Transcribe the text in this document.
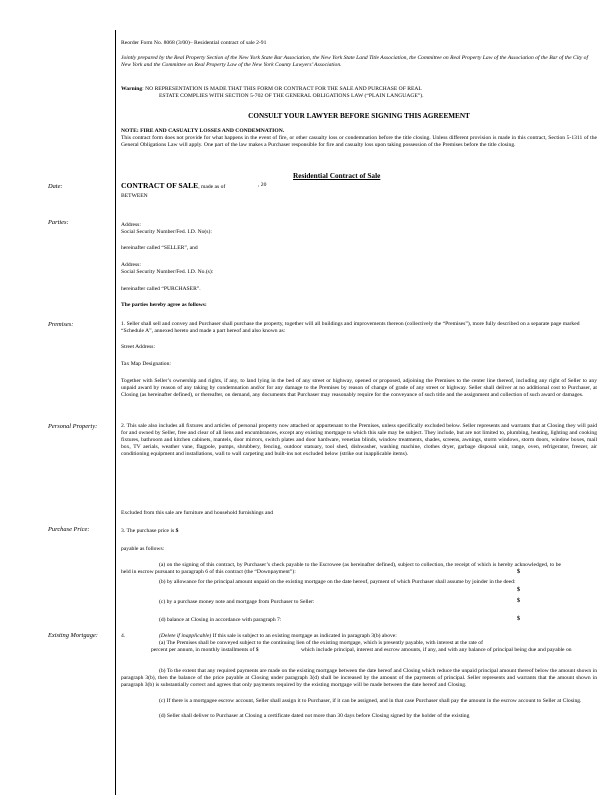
Reorder Form No. 8068 (3/00)– Residential contract of sale 2-91
Jointly prepared by the Real Property Section of the New York State Bar Association, the New York State Land Title Association, the Committee on Real Property Law of the Association of the Bar of the City of New York and the Committee on Real Property Law of the New York County Lawyers’ Association.
Warning: NO REPRESENTATION IS MADE THAT THIS FORM OR CONTRACT FOR THE SALE AND PURCHASE OF REAL
ESTATE COMPLIES WITH SECTION 5-702 OF THE GENERAL OBLIGATIONS LAW (“PLAIN LANGUAGE”).
CONSULT YOUR LAWYER BEFORE SIGNING THIS AGREEMENT
NOTE: FIRE AND CASUALTY LOSSES AND CONDEMNATION.
This contract form does not provide for what happens in the event of fire, or other casualty loss or condemnation before the title closing. Unless different provision is made in this contract, Section 5-1311 of the General Obligations Law will apply. One part of the law makes a Purchaser responsible for fire and casualty loss upon taking possession of the Premises before the title closing.
Residential Contract of Sale
Date:	CONTRACT OF SALE, made as of	, 20
BETWEEN
Parties:	Address:
Social Security Number/Fed. I.D. No(s):
hereinafter called “SELLER”, and
Address:
Social Security Number/Fed. I.D. No.(s):
hereinafter called “PURCHASER”.
The parties hereby agree as follows:
Premises:	1. Seller shall sell and convey and Purchaser shall purchase the property, together will all buildings and improvements thereon (collectively the “Premises”), more fully described on a separate page marked “Schedule A”, annexed hereto and made a part hereof and also known as:
Street Address:
Tax Map Designation:
Together with Seller’s ownership and rights, if any, to land lying in the bed of any street or highway, opened or proposed, adjoining the Premises to the center line thereof, including any right of Seller to any unpaid award by reason of any taking by condemnation and/or for any damage to the Premises by reason of change of grade of any street or highway. Seller shall deliver at no additional cost to Purchaser, at Closing (as hereinafter defined), or thereafter, on demand, any documents that Purchaser may reasonably require for the conveyance of such title and the assignment and collection of such award or damages.
Personal Property:	2. This sale also includes all fixtures and articles of personal property now attached or appurtenant to the Premises, unless specifically excluded below. Seller represents and warrants that at Closing they will paid for and owned by Seller, free and clear of all liens and encumbrances, except any existing mortgage to which this sale may be subject. They include, but are not limited to, plumbing, heating, lighting and cooking fixtures, bathroom and kitchen cabinets, mantels, door mirrors, switch plates and door hardware, venetian blinds, window treatments, shades, screens, awnings, storm windows, storm doors, window boxes, mail box, TV aerials, weather vane, flagpole, pumps, shrubbery, fencing, outdoor statuary, tool shed, dishwasher, washing machine, clothes dryer, garbage disposal unit, range, oven, refrigerator, freezer, air conditioning equipment and installations, wall to wall carpeting and built-ins not excluded below (strike out inapplicable items).
Excluded from this sale are furniture and household furnishings and
Purchase Price:	3. The purchase price is $
payable as follows:
(a) on the signing of this contract, by Purchaser’s check payable to the Escrowee (as hereinafter defined), subject to collection, the receipt of which is hereby acknowledged, to be held in escrow pursuant to paragraph 6 of this contract (the “Downpayment”):	$
(b) by allowance for the principal amount unpaid on the existing mortgage on the date hereof, payment of which Purchaser shall assume by joinder in the deed:
$
(c) by a purchase money note and mortgage from Purchaser to Seller:	$
(d) balance at Closing in accordance with paragraph 7:	$
Existing Mortgage:	4.	(Delete if inapplicable) If this sale is subject to an existing mortgage as indicated in paragraph 3(b) above:
(a) The Premises shall be conveyed subject to the continuing lien of the existing mortgage, which is presently payable, with interest at the rate of
percent per annum, in monthly installments of $	which include principal, interest and escrow amounts, if any, and with any balance of principal being due and payable on
(b) To the extent that any required payments are made on the existing mortgage between the date hereof and Closing which reduce the unpaid principal amount thereof below the amount shown in paragraph 3(b), then the balance of the price payable at Closing under paragraph 3(d) shall be increased by the amount of the payments of principal. Seller represents and warrants that the amount shown in paragraph 3(b) is substantially correct and agrees that only payments required by the existing mortgage will be made between the date hereof and Closing.
(c) If there is a mortgagee escrow account, Seller shall assign it to Purchaser, if it can be assigned, and in that case Purchaser shall pay the amount in the escrow account to Seller at Closing.
(d) Seller shall deliver to Purchaser at Closing a certificate dated not more than 30 days before Closing signed by the holder of the existing
